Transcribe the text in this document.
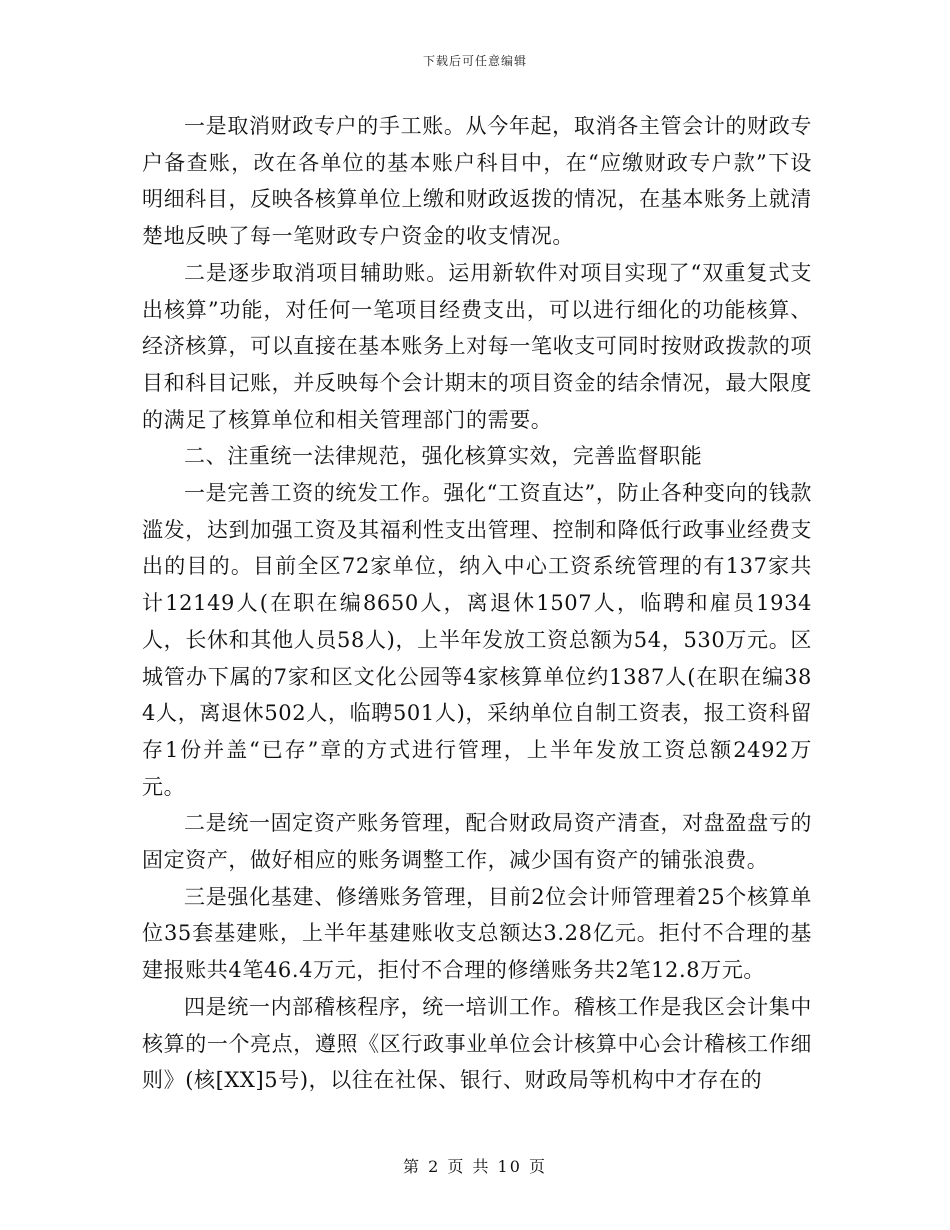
下载后可任意编辑

一是取消财政专户的手工账。从今年起，取消各主管会计的财政专户备查账，改在各单位的基本账户科目中，在“应缴财政专户款”下设明细科目，反映各核算单位上缴和财政返拨的情况，在基本账务上就清楚地反映了每一笔财政专户资金的收支情况。

二是逐步取消项目辅助账。运用新软件对项目实现了“双重复式支出核算”功能，对任何一笔项目经费支出，可以进行细化的功能核算、经济核算，可以直接在基本账务上对每一笔收支可同时按财政拨款的项目和科目记账，并反映每个会计期末的项目资金的结余情况，最大限度的满足了核算单位和相关管理部门的需要。

二、注重统一法律规范，强化核算实效，完善监督职能

一是完善工资的统发工作。强化“工资直达”，防止各种变向的钱款滥发，达到加强工资及其福利性支出管理、控制和降低行政事业经费支出的目的。目前全区72家单位，纳入中心工资系统管理的有137家共计12149人(在职在编8650人，离退休1507人，临聘和雇员1934人，长休和其他人员58人)，上半年发放工资总额为54，530万元。区城管办下属的7家和区文化公园等4家核算单位约1387人(在职在编384人，离退休502人，临聘501人)，采纳单位自制工资表，报工资科留存1份并盖“已存”章的方式进行管理，上半年发放工资总额2492万元。

二是统一固定资产账务管理，配合财政局资产清查，对盘盈盘亏的固定资产，做好相应的账务调整工作，减少国有资产的铺张浪费。

三是强化基建、修缮账务管理，目前2位会计师管理着25个核算单位35套基建账，上半年基建账收支总额达3.28亿元。拒付不合理的基建报账共4笔46.4万元，拒付不合理的修缮账务共2笔12.8万元。

四是统一内部稽核程序，统一培训工作。稽核工作是我区会计集中核算的一个亮点，遵照《区行政事业单位会计核算中心会计稽核工作细则》(核[XX]5号)，以往在社保、银行、财政局等机构中才存在的

第 2 页 共 10 页
